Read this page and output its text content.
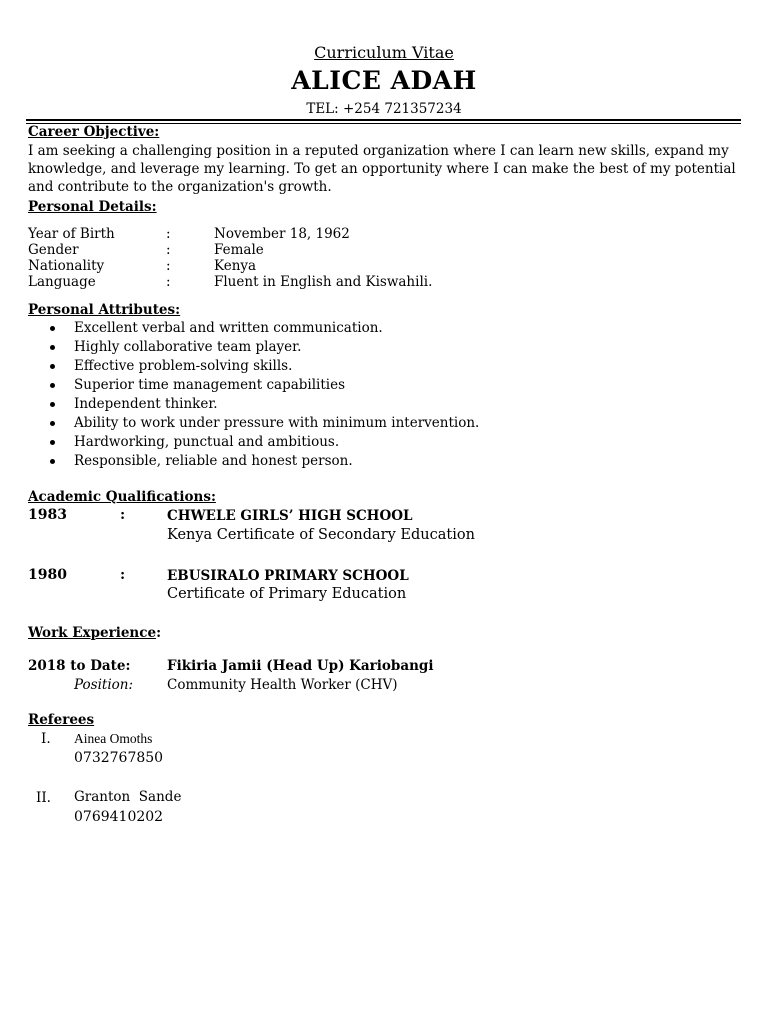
Curriculum Vitae
ALICE ADAH
TEL: +254 721357234
Career Objective:
I am seeking a challenging position in a reputed organization where I can learn new skills, expand my knowledge, and leverage my learning. To get an opportunity where I can make the best of my potential and contribute to the organization's growth.
Personal Details:
Year of Birth	:	November 18, 1962
Gender	:	Female
Nationality	:	Kenya
Language	:	Fluent in English and Kiswahili.
Personal Attributes:
Excellent verbal and written communication.
Highly collaborative team player.
Effective problem-solving skills.
Superior time management capabilities
Independent thinker.
Ability to work under pressure with minimum intervention.
Hardworking, punctual and ambitious.
Responsible, reliable and honest person.
Academic Qualifications:
1983	:	CHWELE GIRLS’ HIGH SCHOOL
Kenya Certificate of Secondary Education
1980	:	EBUSIRALO PRIMARY SCHOOL
Certificate of Primary Education
Work Experience:
2018 to Date:	Fikiria Jamii (Head Up) Kariobangi
Position:	Community Health Worker (CHV)
Referees
I. Ainea Omoths
0732767850
II. Granton  Sande
0769410202
